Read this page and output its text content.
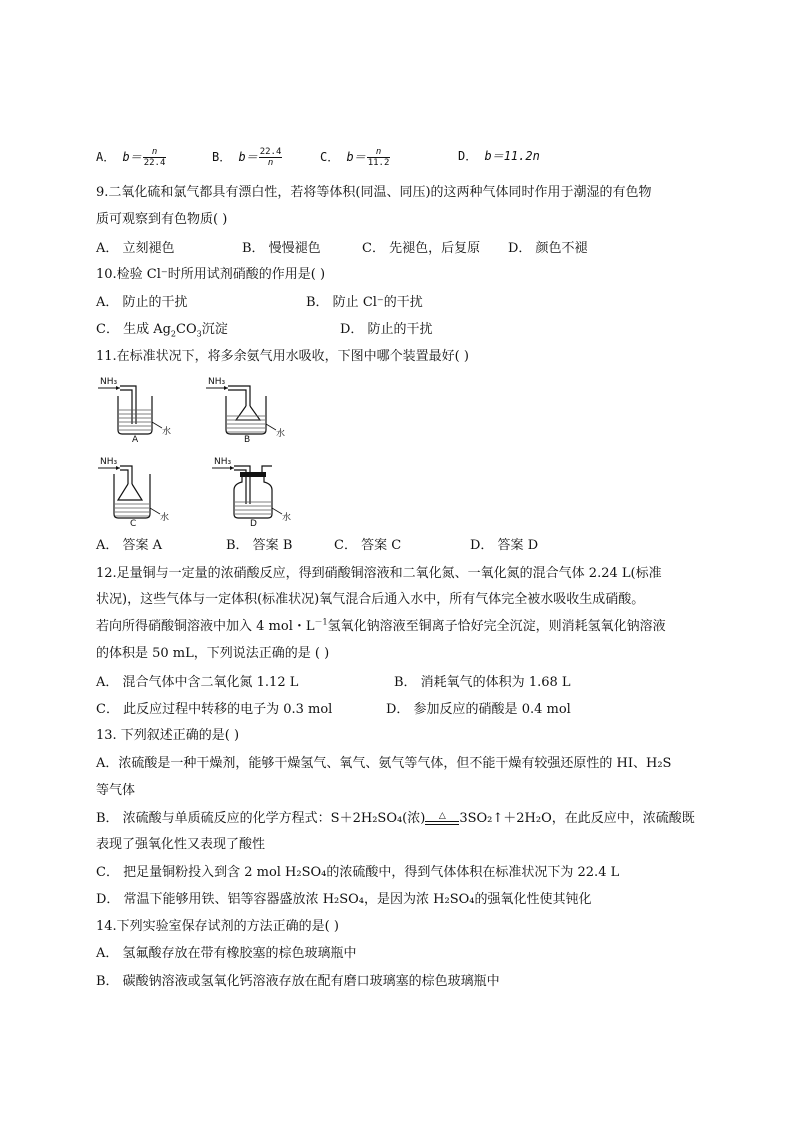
A． $b= \frac{n}{22.4}$	B． $b= \frac{22.4}{n}$	C． $b= \frac{n}{11.2}$	D． b＝11.2n
9.二氧化硫和氯气都具有漂白性，若将等体积(同温、同压)的这两种气体同时作用于潮湿的有色物
质可观察到有色物质( )
A． 立刻褪色	B． 慢慢褪色	C． 先褪色，后复原 D． 颜色不褪
10.检验 Cl⁻时所用试剂硝酸的作用是( )
A． 防止的干扰	B． 防止 Cl⁻的干扰
C． 生成 $Ag_2CO_3$沉淀	D． 防止的干扰
11.在标准状况下，将多余氨气用水吸收，下图中哪个装置最好( )
NH₃
水
A
NH₃
水
B
NH₃
水
C
NH₃
水
D
A． 答案 A	B． 答案 B	C． 答案 C	D． 答案 D
12.足量铜与一定量的浓硝酸反应，得到硝酸铜溶液和二氧化氮、一氧化氮的混合气体 2.24 L(标准
状况)，这些气体与一定体积(标准状况)氧气混合后通入水中，所有气体完全被水吸收生成硝酸。
若向所得硝酸铜溶液中加入 4 mol・$L^{-1}$氢氧化钠溶液至铜离子恰好完全沉淀，则消耗氢氧化钠溶液
的体积是 50 mL，下列说法正确的是 ( )
A． 混合气体中含二氧化氮 1.12 L	B． 消耗氧气的体积为 1.68 L
C． 此反应过程中转移的电子为 0.3 mol	D． 参加反应的硝酸是 0.4 mol
13. 下列叙述正确的是( )
A．浓硫酸是一种干燥剂，能够干燥氢气、氧气、氨气等气体，但不能干燥有较强还原性的 HI、H₂S
等气体
B． 浓硫酸与单质硫反应的化学方程式：S＋2H₂SO₄(浓)	△	3SO₂↑＋2H₂O，在此反应中，浓硫酸既
表现了强氧化性又表现了酸性
C． 把足量铜粉投入到含 2 mol H₂SO₄的浓硫酸中，得到气体体积在标准状况下为 22.4 L
D． 常温下能够用铁、铝等容器盛放浓 H₂SO₄，是因为浓 H₂SO₄的强氧化性使其钝化
14.下列实验室保存试剂的方法正确的是( )
A． 氢氟酸存放在带有橡胶塞的棕色玻璃瓶中
B． 碳酸钠溶液或氢氧化钙溶液存放在配有磨口玻璃塞的棕色玻璃瓶中
